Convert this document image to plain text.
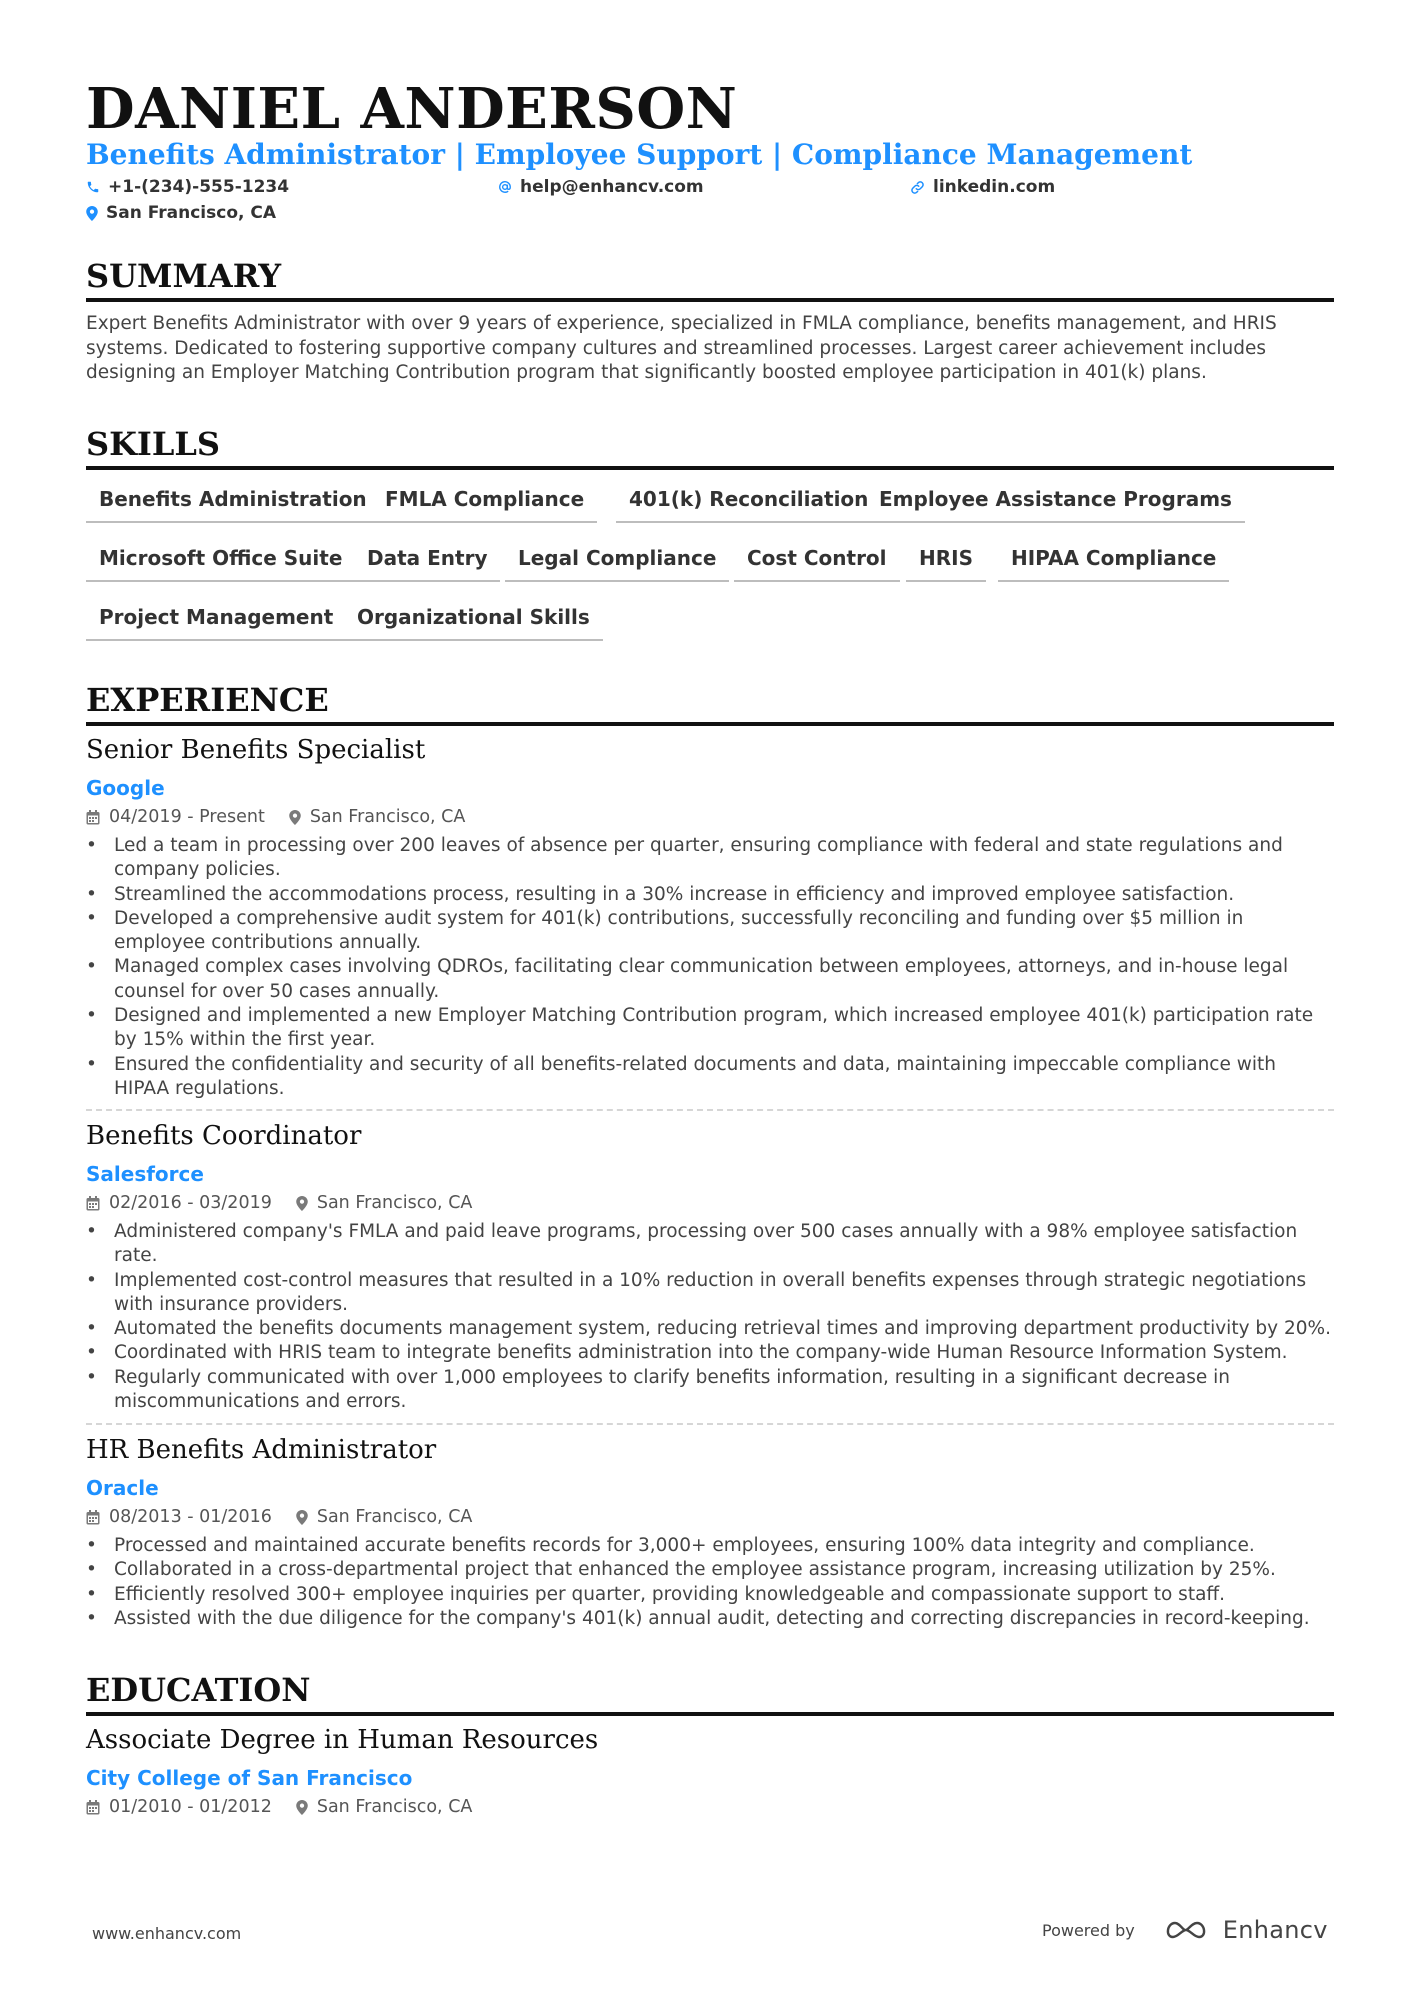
DANIEL ANDERSON
Benefits Administrator | Employee Support | Compliance Management
+1-(234)-555-1234	help@enhancv.com	linkedin.com
San Francisco, CA
SUMMARY
Expert Benefits Administrator with over 9 years of experience, specialized in FMLA compliance, benefits management, and HRIS systems. Dedicated to fostering supportive company cultures and streamlined processes. Largest career achievement includes designing an Employer Matching Contribution program that significantly boosted employee participation in 401(k) plans.
SKILLS
Benefits Administration FMLA Compliance	401(k) Reconciliation Employee Assistance Programs
Microsoft Office Suite	Data Entry	Legal Compliance	Cost Control	HRIS	HIPAA Compliance
Project Management	Organizational Skills
EXPERIENCE
Senior Benefits Specialist
Google
04/2019 - Present	San Francisco, CA
• Led a team in processing over 200 leaves of absence per quarter, ensuring compliance with federal and state regulations and company policies.
• Streamlined the accommodations process, resulting in a 30% increase in efficiency and improved employee satisfaction.
• Developed a comprehensive audit system for 401(k) contributions, successfully reconciling and funding over $5 million in employee contributions annually.
• Managed complex cases involving QDROs, facilitating clear communication between employees, attorneys, and in-house legal counsel for over 50 cases annually.
• Designed and implemented a new Employer Matching Contribution program, which increased employee 401(k) participation rate by 15% within the first year.
• Ensured the confidentiality and security of all benefits-related documents and data, maintaining impeccable compliance with HIPAA regulations.
Benefits Coordinator
Salesforce
02/2016 - 03/2019	San Francisco, CA
• Administered company's FMLA and paid leave programs, processing over 500 cases annually with a 98% employee satisfaction rate.
• Implemented cost-control measures that resulted in a 10% reduction in overall benefits expenses through strategic negotiations with insurance providers.
• Automated the benefits documents management system, reducing retrieval times and improving department productivity by 20%.
• Coordinated with HRIS team to integrate benefits administration into the company-wide Human Resource Information System.
• Regularly communicated with over 1,000 employees to clarify benefits information, resulting in a significant decrease in miscommunications and errors.
HR Benefits Administrator
Oracle
08/2013 - 01/2016	San Francisco, CA
• Processed and maintained accurate benefits records for 3,000+ employees, ensuring 100% data integrity and compliance.
• Collaborated in a cross-departmental project that enhanced the employee assistance program, increasing utilization by 25%.
• Efficiently resolved 300+ employee inquiries per quarter, providing knowledgeable and compassionate support to staff.
• Assisted with the due diligence for the company's 401(k) annual audit, detecting and correcting discrepancies in record-keeping.
EDUCATION
Associate Degree in Human Resources
City College of San Francisco
01/2010 - 01/2012	San Francisco, CA
www.enhancv.com	Powered by	Enhancv
